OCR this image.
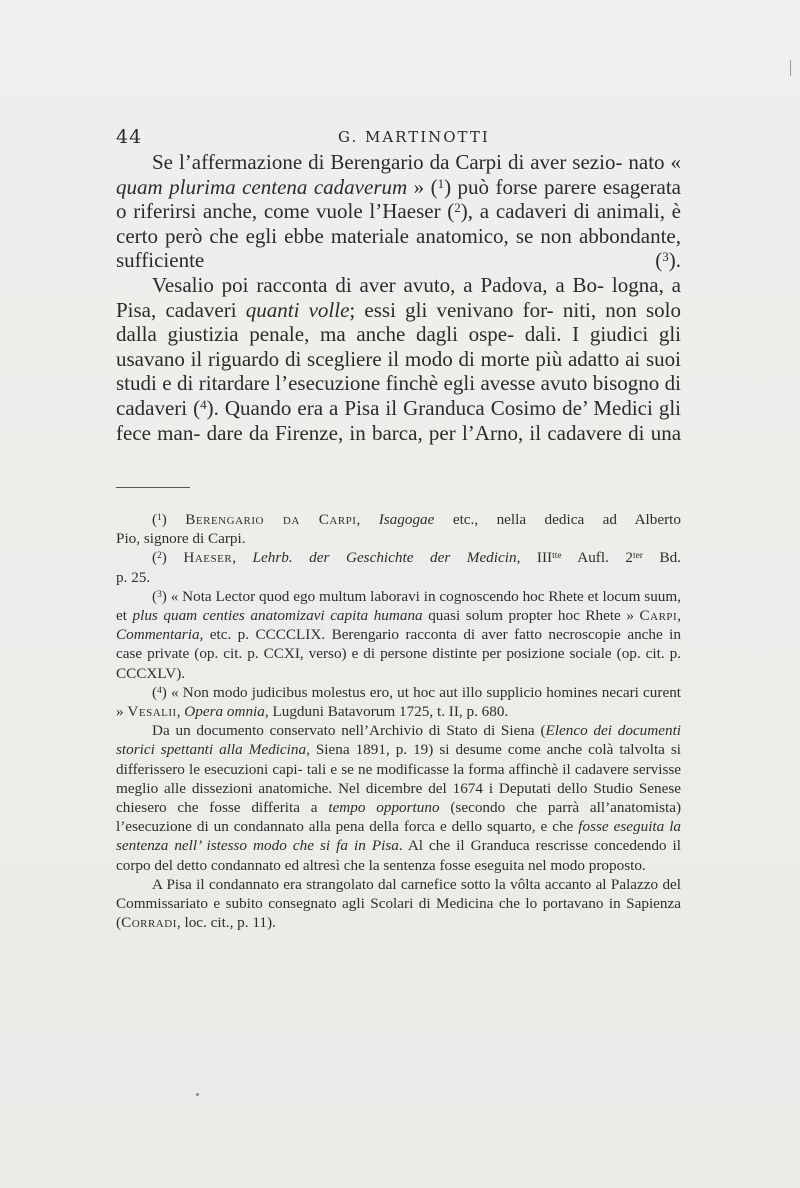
44	G. MARTINOTTI

Se l’affermazione di Berengario da Carpi di aver sezio- nato « quam plurima centena cadaverum » ($^1$) può forse parere esagerata o riferirsi anche, come vuole l’Haeser ($^2$), a cadaveri di animali, è certo però che egli ebbe materiale anatomico, se non abbondante, sufficiente ($^3$).

Vesalio poi racconta di aver avuto, a Padova, a Bo- logna, a Pisa, cadaveri quanti volle; essi gli venivano for- niti, non solo dalla giustizia penale, ma anche dagli ospe- dali. I giudici gli usavano il riguardo di scegliere il modo di morte più adatto ai suoi studi e di ritardare l’esecuzione finchè egli avesse avuto bisogno di cadaveri ($^4$). Quando era a Pisa il Granduca Cosimo de’ Medici gli fece man- dare da Firenze, in barca, per l’Arno, il cadavere di una

($^1$) Berengario da Carpi, Isagogae etc., nella dedica ad Alberto

Pio, signore di Carpi.

($^2$) Haeser, Lehrb. der Geschichte der Medicin, $III^{tte}$ Aufl. $2^{ter}$ Bd.

p. 25.

($^3$) « Nota Lector quod ego multum laboravi in cognoscendo hoc Rhete et locum suum, et plus quam centies anatomizavi capita humana quasi solum propter hoc Rhete » Carpi, Commentaria, etc. p. CCCCLIX. Berengario racconta di aver fatto necroscopie anche in case private (op. cit. p. CCXI, verso) e di persone distinte per posizione sociale (op. cit. p. CCCXLV).

($^4$) « Non modo judicibus molestus ero, ut hoc aut illo supplicio homines necari curent » Vesalii, Opera omnia, Lugduni Batavorum 1725, t. II, p. 680.

Da un documento conservato nell’Archivio di Stato di Siena (Elenco dei documenti storici spettanti alla Medicina, Siena 1891, p. 19) si desume come anche colà talvolta si differissero le esecuzioni capi- tali e se ne modificasse la forma affinchè il cadavere servisse meglio alle dissezioni anatomiche. Nel dicembre del 1674 i Deputati dello Studio Senese chiesero che fosse differita a tempo opportuno (secondo che parrà all’anatomista) l’esecuzione di un condannato alla pena della forca e dello squarto, e che fosse eseguita la sentenza nell’ istesso modo che si fa in Pisa. Al che il Granduca rescrisse concedendo il corpo del detto condannato ed altresì che la sentenza fosse eseguita nel modo proposto.

A Pisa il condannato era strangolato dal carnefice sotto la vôlta accanto al Palazzo del Commissariato e subito consegnato agli Scolari di Medicina che lo portavano in Sapienza (Corradi, loc. cit., p. 11).
